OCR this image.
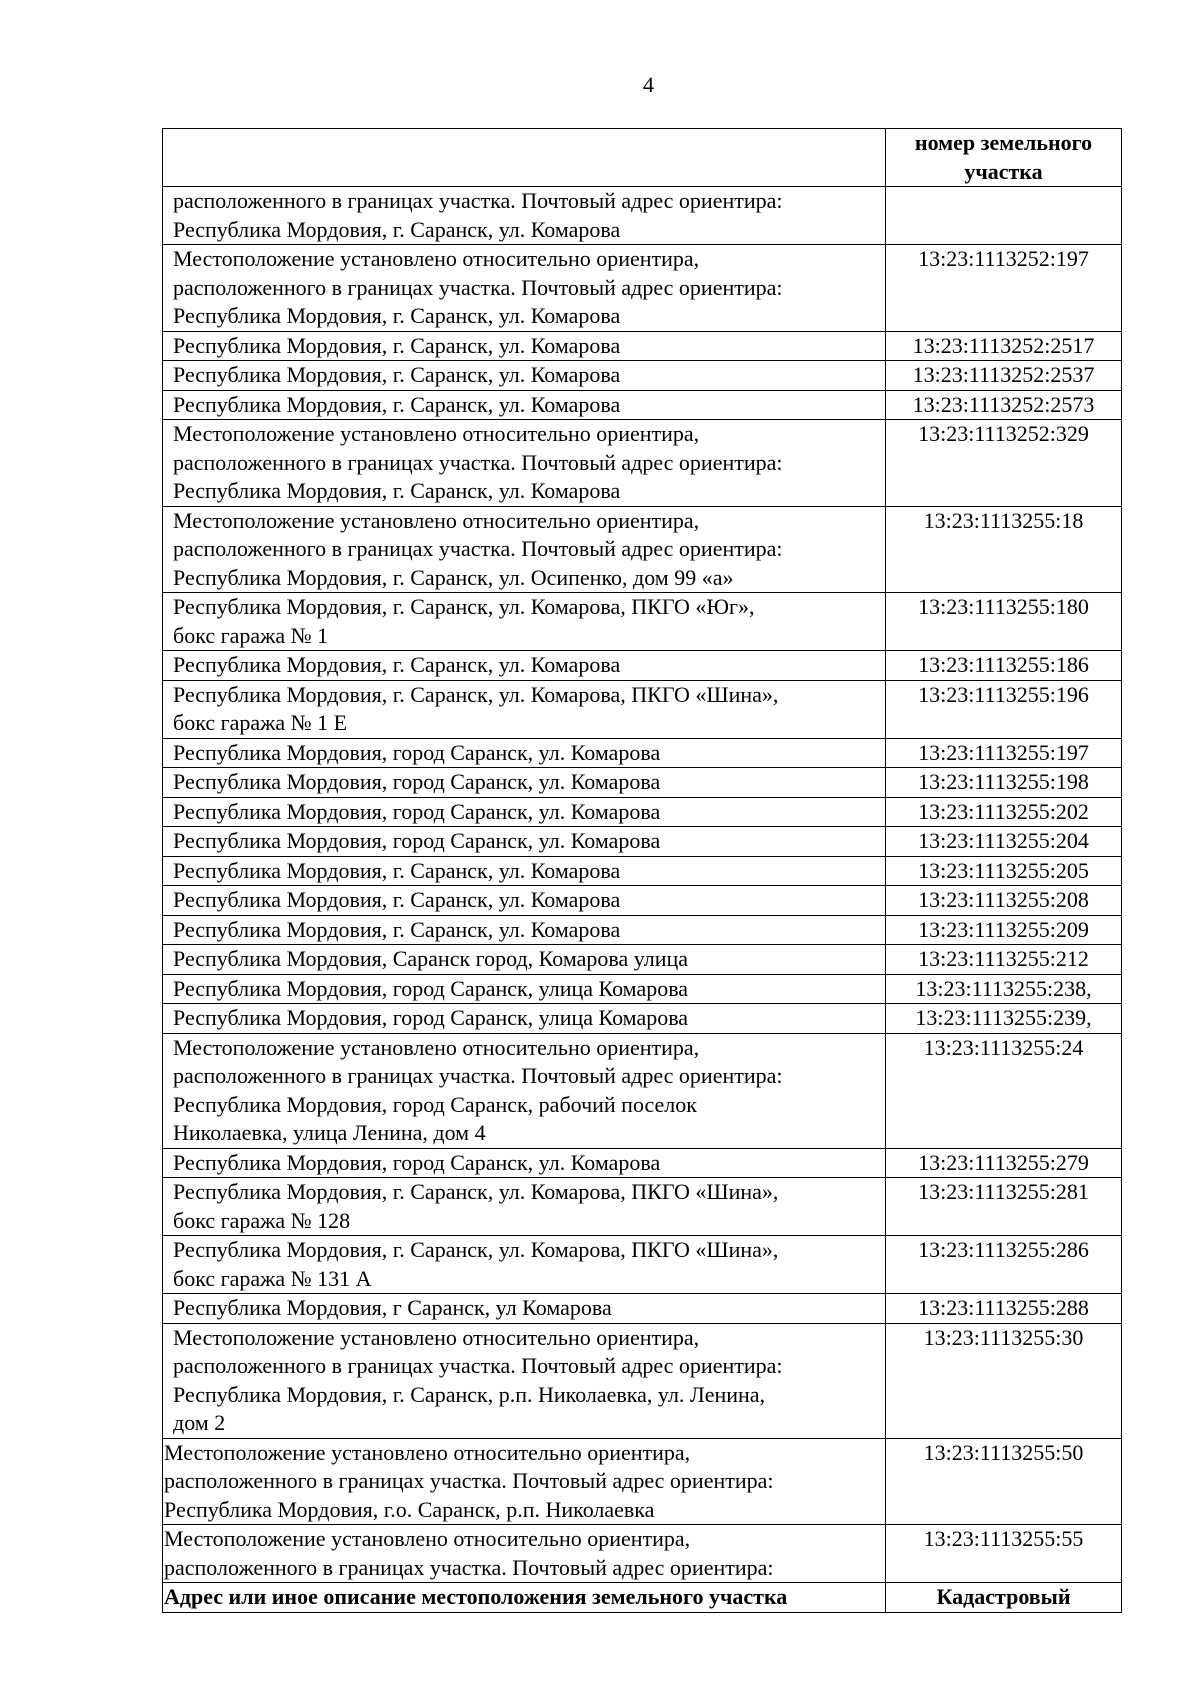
4

	номер земельного
участка

расположенного в границах участка. Почтовый адрес ориентира:
Республика Мордовия, г. Саранск, ул. Комарова	

Местоположение установлено относительно ориентира,
расположенного в границах участка. Почтовый адрес ориентира:
Республика Мордовия, г. Саранск, ул. Комарова	13:23:1113252:197

Республика Мордовия, г. Саранск, ул. Комарова	13:23:1113252:2517

Республика Мордовия, г. Саранск, ул. Комарова	13:23:1113252:2537

Республика Мордовия, г. Саранск, ул. Комарова	13:23:1113252:2573

Местоположение установлено относительно ориентира,
расположенного в границах участка. Почтовый адрес ориентира:
Республика Мордовия, г. Саранск, ул. Комарова	13:23:1113252:329

Местоположение установлено относительно ориентира,
расположенного в границах участка. Почтовый адрес ориентира:
Республика Мордовия, г. Саранск, ул. Осипенко, дом 99 «а»	13:23:1113255:18

Республика Мордовия, г. Саранск, ул. Комарова, ПКГО «Юг»,
бокс гаража № 1	13:23:1113255:180

Республика Мордовия, г. Саранск, ул. Комарова	13:23:1113255:186

Республика Мордовия, г. Саранск, ул. Комарова, ПКГО «Шина»,
бокс гаража № 1 Е	13:23:1113255:196

Республика Мордовия, город Саранск, ул. Комарова	13:23:1113255:197

Республика Мордовия, город Саранск, ул. Комарова	13:23:1113255:198

Республика Мордовия, город Саранск, ул. Комарова	13:23:1113255:202

Республика Мордовия, город Саранск, ул. Комарова	13:23:1113255:204

Республика Мордовия, г. Саранск, ул. Комарова	13:23:1113255:205

Республика Мордовия, г. Саранск, ул. Комарова	13:23:1113255:208

Республика Мордовия, г. Саранск, ул. Комарова	13:23:1113255:209

Республика Мордовия, Саранск город, Комарова улица	13:23:1113255:212

Республика Мордовия, город Саранск, улица Комарова	13:23:1113255:238,

Республика Мордовия, город Саранск, улица Комарова	13:23:1113255:239,

Местоположение установлено относительно ориентира,
расположенного в границах участка. Почтовый адрес ориентира:
Республика Мордовия, город Саранск, рабочий поселок
Николаевка, улица Ленина, дом 4	13:23:1113255:24

Республика Мордовия, город Саранск, ул. Комарова	13:23:1113255:279

Республика Мордовия, г. Саранск, ул. Комарова, ПКГО «Шина»,
бокс гаража № 128	13:23:1113255:281

Республика Мордовия, г. Саранск, ул. Комарова, ПКГО «Шина»,
бокс гаража № 131 А	13:23:1113255:286

Республика Мордовия, г Саранск, ул Комарова	13:23:1113255:288

Местоположение установлено относительно ориентира,
расположенного в границах участка. Почтовый адрес ориентира:
Республика Мордовия, г. Саранск, р.п. Николаевка, ул. Ленина,
дом 2	13:23:1113255:30

Местоположение установлено относительно ориентира,
расположенного в границах участка. Почтовый адрес ориентира:
Республика Мордовия, г.о. Саранск, р.п. Николаевка	13:23:1113255:50

Местоположение установлено относительно ориентира,
расположенного в границах участка. Почтовый адрес ориентира:	13:23:1113255:55
Адрес или иное описание местоположения земельного участка	Кадастровый
